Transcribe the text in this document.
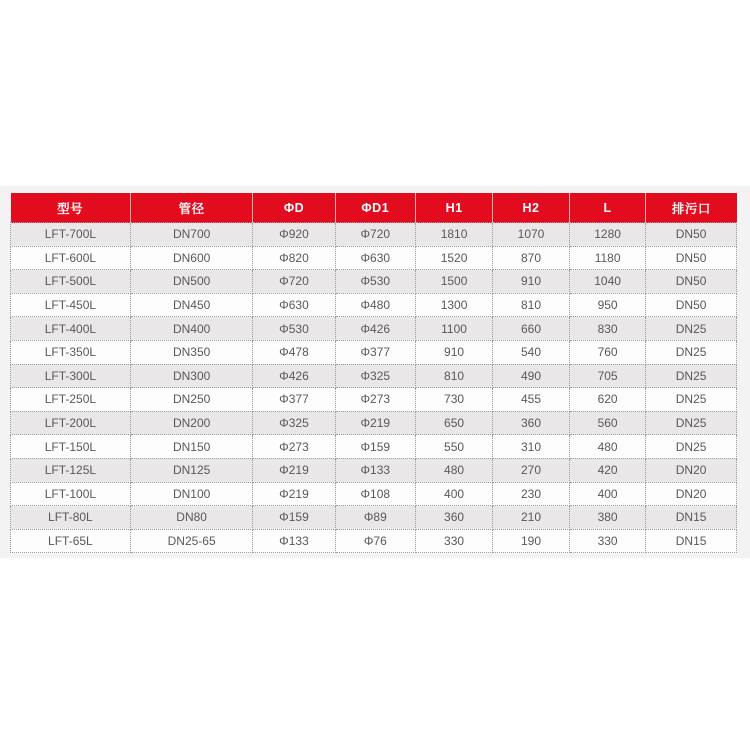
型号	管径	ΦD	ΦD1	H1	H2	L	排污口
LFT-700L	DN700	Φ920	Φ720	1810	1070	1280	DN50
LFT-600L	DN600	Φ820	Φ630	1520	870	1180	DN50
LFT-500L	DN500	Φ720	Φ530	1500	910	1040	DN50
LFT-450L	DN450	Φ630	Φ480	1300	810	950	DN50
LFT-400L	DN400	Φ530	Φ426	1100	660	830	DN25
LFT-350L	DN350	Φ478	Φ377	910	540	760	DN25
LFT-300L	DN300	Φ426	Φ325	810	490	705	DN25
LFT-250L	DN250	Φ377	Φ273	730	455	620	DN25
LFT-200L	DN200	Φ325	Φ219	650	360	560	DN25
LFT-150L	DN150	Φ273	Φ159	550	310	480	DN25
LFT-125L	DN125	Φ219	Φ133	480	270	420	DN20
LFT-100L	DN100	Φ219	Φ108	400	230	400	DN20
LFT-80L	DN80	Φ159	Φ89	360	210	380	DN15
LFT-65L	DN25-65	Φ133	Φ76	330	190	330	DN15
